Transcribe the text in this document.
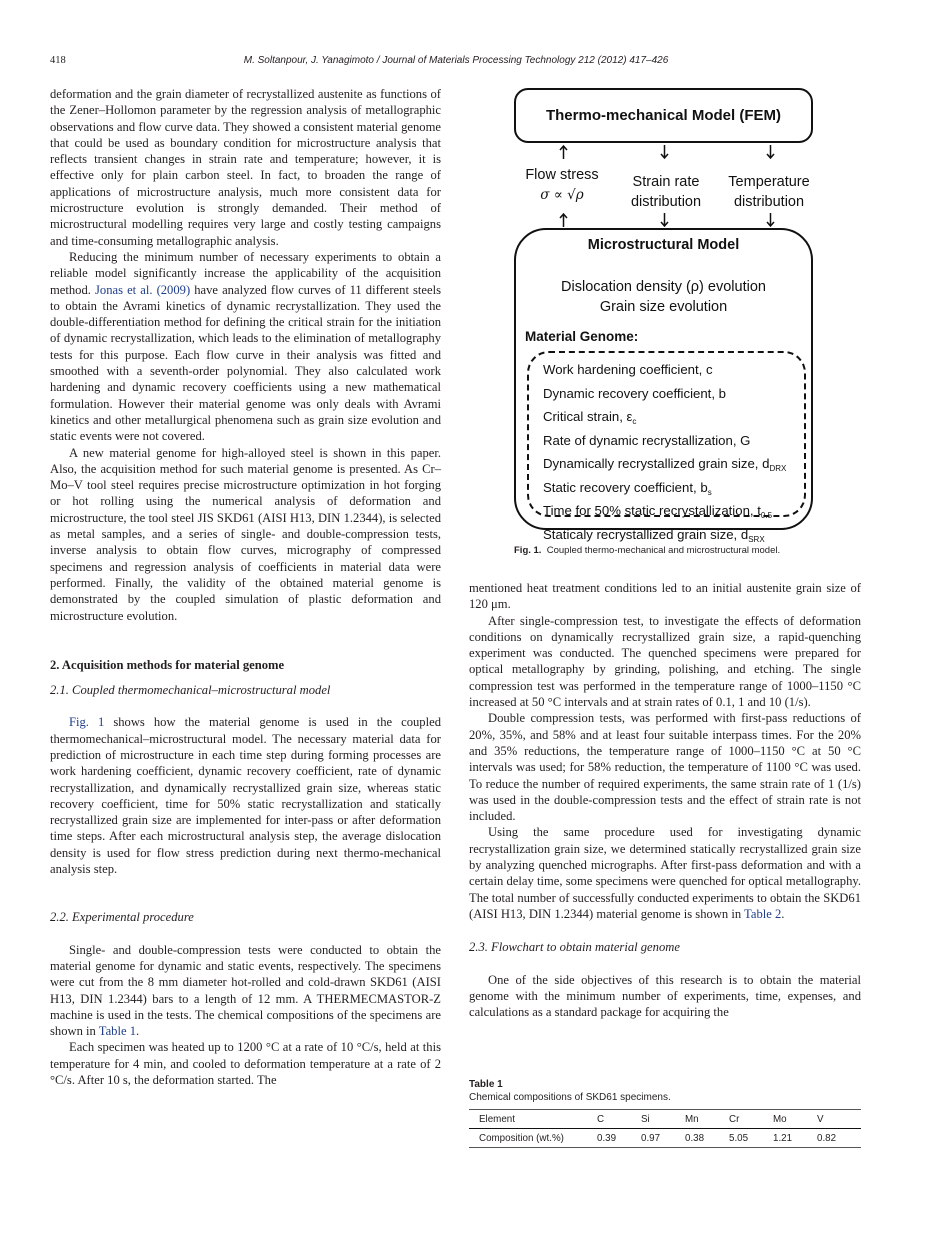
418	M. Soltanpour, J. Yanagimoto / Journal of Materials Processing Technology 212 (2012) 417–426

deformation and the grain diameter of recrystallized austenite as functions of the Zener–Hollomon parameter by the regression analysis of metallographic observations and flow curve data. They showed a consistent material genome that could be used as boundary condition for microstructure analysis that reflects transient changes in strain rate and temperature; however, it is effective only for plain carbon steel. In fact, to broaden the range of applications of microstructure analysis, much more consistent data for microstructure evolution is strongly demanded. Their method of microstructural modelling requires very large and costly testing campaigns and time-consuming metallographic analysis.

Reducing the minimum number of necessary experiments to obtain a reliable model significantly increase the applicability of the acquisition method. Jonas et al. (2009) have analyzed flow curves of 11 different steels to obtain the Avrami kinetics of dynamic recrystallization. They used the double-differentiation method for defining the critical strain for the initiation of dynamic recrystallization, which leads to the elimination of metallography tests for this purpose. Each flow curve in their analysis was fitted and smoothed with a seventh-order polynomial. They also calculated work hardening and dynamic recovery coefficients using a new mathematical formulation. However their material genome was only deals with Avrami kinetics and other metallurgical phenomena such as grain size evolution and static events were not covered.

A new material genome for high-alloyed steel is shown in this paper. Also, the acquisition method for such material genome is presented. As Cr–Mo–V tool steel requires precise microstructure optimization in hot forging or hot rolling using the numerical analysis of deformation and microstructure, the tool steel JIS SKD61 (AISI H13, DIN 1.2344), is selected as metal samples, and a series of single- and double-compression tests, inverse analysis to obtain flow curves, micrography of compressed specimens and regression analysis of coefficients in material data were performed. Finally, the validity of the obtained material genome is demonstrated by the coupled simulation of plastic deformation and microstructure evolution.

2. Acquisition methods for material genome
2.1. Coupled thermomechanical–microstructural model

Fig. 1 shows how the material genome is used in the coupled thermomechanical–microstructural model. The necessary material data for prediction of microstructure in each time step during forming processes are work hardening coefficient, dynamic recovery coefficient, rate of dynamic recrystallization, and dynamically recrystallized grain size, whereas static recovery coefficient, time for 50% static recrystallization and statically recrystallized grain size are implemented for inter-pass or after deformation time steps. After each microstructural analysis step, the average dislocation density is used for flow stress prediction during next thermo-mechanical analysis step.

2.2. Experimental procedure

Single- and double-compression tests were conducted to obtain the material genome for dynamic and static events, respectively. The specimens were cut from the 8 mm diameter hot-rolled and cold-drawn SKD61 (AISI H13, DIN 1.2344) bars to a length of 12 mm. A THERMECMASTOR-Z machine is used in the tests. The chemical compositions of the specimens are shown in Table 1.

Each specimen was heated up to 1200 °C at a rate of 10 °C/s, held at this temperature for 4 min, and cooled to deformation temperature at a rate of 2 °C/s. After 10 s, the deformation started. The

Thermo-mechanical Model (FEM)
Flow stress
σ ∝ √ρ
Strain rate
distribution
Temperature
distribution
Microstructural Model
Dislocation density (ρ) evolution
Grain size evolution
Material Genome:
Work hardening coefficient, c
Dynamic recovery coefficient, b
Critical strain, $\varepsilon_c$
Rate of dynamic recrystallization, G
Dynamically recrystallized grain size, $d_{DRX}$
Static recovery coefficient, $b_s$
Time for 50% static recrystallization, $t_{0.5}$
Staticaly recrystallized grain size, $d_{SRX}$
Fig. 1. Coupled thermo-mechanical and microstructural model.

mentioned heat treatment conditions led to an initial austenite grain size of 120 μm.

After single-compression test, to investigate the effects of deformation conditions on dynamically recrystallized grain size, a rapid-quenching experiment was conducted. The quenched specimens were prepared for optical metallography by grinding, polishing, and etching. The single compression test was performed in the temperature range of 1000–1150 °C increased at 50 °C intervals and at strain rates of 0.1, 1 and 10 (1/s).

Double compression tests, was performed with first-pass reductions of 20%, 35%, and 58% and at least four suitable interpass times. For the 20% and 35% reductions, the temperature range of 1000–1150 °C at 50 °C intervals was used; for 58% reduction, the temperature of 1100 °C was used. To reduce the number of required experiments, the same strain rate of 1 (1/s) was used in the double-compression tests and the effect of strain rate is not included.

Using the same procedure used for investigating dynamic recrystallization grain size, we determined statically recrystallized grain size by analyzing quenched micrographs. After first-pass deformation and with a certain delay time, some specimens were quenched for optical metallography. The total number of successfully conducted experiments to obtain the SKD61 (AISI H13, DIN 1.2344) material genome is shown in Table 2.

2.3. Flowchart to obtain material genome

One of the side objectives of this research is to obtain the material genome with the minimum number of experiments, time, expenses, and calculations as a standard package for acquiring the

Table 1
Chemical compositions of SKD61 specimens.
Element	C	Si	Mn	Cr	Mo	V
Composition (wt.%)	0.39	0.97	0.38	5.05	1.21	0.82
